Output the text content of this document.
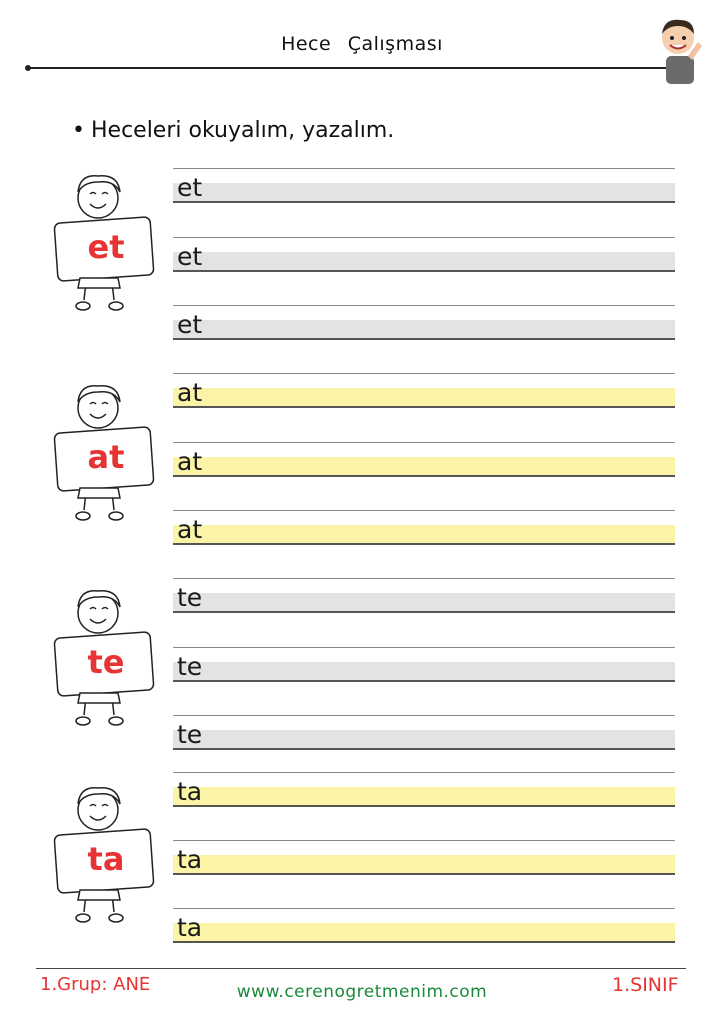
Hece Çalışması
• Heceleri okuyalım, yazalım.
et
et
et
et
at
at
at
at
te
te
te
te
ta
ta
ta
ta
1.Grup: ANE	www.cerenogretmenim.com	1.SINIF
